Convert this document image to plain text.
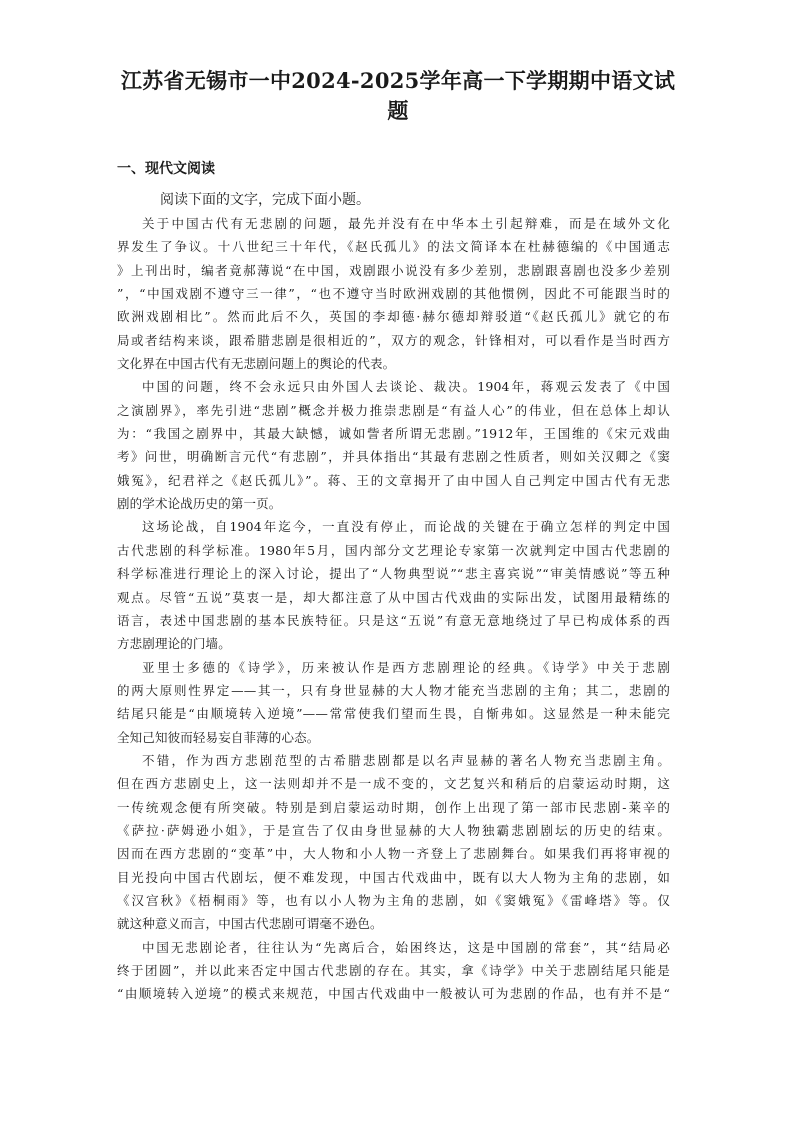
江苏省无锡市一中2024-2025学年高一下学期期中语文试题
一、现代文阅读
阅读下面的文字，完成下面小题。
关于中国古代有无悲剧的问题，最先并没有在中华本土引起辩难，而是在域外文化
界发生了争议。十八世纪三十年代，《赵氏孤儿》的法文简译本在杜赫德编的《中国通志
》上刊出时，编者竟郝薄说“在中国，戏剧跟小说没有多少差别，悲剧跟喜剧也没多少差别
”，“中国戏剧不遵守三一律”，“也不遵守当时欧洲戏剧的其他惯例，因此不可能跟当时的
欧洲戏剧相比”。然而此后不久，英国的李却德·赫尔德却辩驳道“《赵氏孤儿》就它的布
局或者结构来谈，跟希腊悲剧是很相近的”，双方的观念，针锋相对，可以看作是当时西方
文化界在中国古代有无悲剧问题上的舆论的代表。
中国的问题，终不会永远只由外国人去谈论、裁决。1904年，蒋观云发表了《中国
之演剧界》，率先引进“悲剧”概念并极力推崇悲剧是“有益人心”的伟业，但在总体上却认
为：“我国之剧界中，其最大缺憾，诚如訾者所谓无悲剧。”1912年，王国维的《宋元戏曲
考》问世，明确断言元代“有悲剧”，并具体指出“其最有悲剧之性质者，则如关汉卿之《窦
娥冤》，纪君祥之《赵氏孤儿》”。蒋、王的文章揭开了由中国人自己判定中国古代有无悲
剧的学术论战历史的第一页。
这场论战，自1904年迄今，一直没有停止，而论战的关键在于确立怎样的判定中国
古代悲剧的科学标准。1980年5月，国内部分文艺理论专家第一次就判定中国古代悲剧的
科学标准进行理论上的深入讨论，提出了“人物典型说”“悲主喜宾说”“审美情感说”等五种
观点。尽管“五说”莫衷一是，却大都注意了从中国古代戏曲的实际出发，试图用最精练的
语言，表述中国悲剧的基本民族特征。只是这“五说”有意无意地绕过了早已构成体系的西
方悲剧理论的门墙。
亚里士多德的《诗学》，历来被认作是西方悲剧理论的经典。《诗学》中关于悲剧
的两大原则性界定——其一，只有身世显赫的大人物才能充当悲剧的主角；其二，悲剧的
结尾只能是“由顺境转入逆境”——常常使我们望而生畏，自惭弗如。这显然是一种未能完
全知己知彼而轻易妄自菲薄的心态。
不错，作为西方悲剧范型的古希腊悲剧都是以名声显赫的著名人物充当悲剧主角。
但在西方悲剧史上，这一法则却并不是一成不变的，文艺复兴和稍后的启蒙运动时期，这
一传统观念便有所突破。特别是到启蒙运动时期，创作上出现了第一部市民悲剧-莱辛的
《萨拉·萨姆逊小姐》，于是宣告了仅由身世显赫的大人物独霸悲剧剧坛的历史的结束。
因而在西方悲剧的“变革”中，大人物和小人物一齐登上了悲剧舞台。如果我们再将审视的
目光投向中国古代剧坛，便不难发现，中国古代戏曲中，既有以大人物为主角的悲剧，如
《汉宫秋》《梧桐雨》等，也有以小人物为主角的悲剧，如《窦娥冤》《雷峰塔》等。仅
就这种意义而言，中国古代悲剧可谓毫不逊色。
中国无悲剧论者，往往认为“先离后合，始困终达，这是中国剧的常套”，其“结局必
终于团圆”，并以此来否定中国古代悲剧的存在。其实，拿《诗学》中关于悲剧结尾只能是
“由顺境转入逆境”的模式来规范，中国古代戏曲中一般被认可为悲剧的作品，也有并不是“
